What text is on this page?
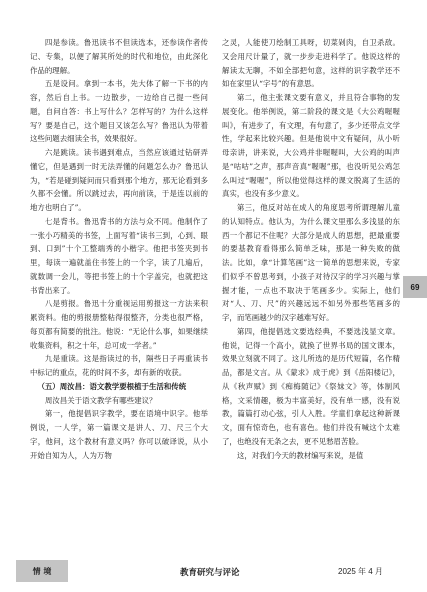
四是参读。鲁迅读书不但读选本，还参读作者传记、专集，以便了解其所处的时代和地位，由此深化作品的理解。

五是设问。拿到一本书，先大体了解一下书的内容，然后自上书。一边散步，一边给自己提一些问题，自问自答：书上写什么？怎样写的？为什么这样写？要是自己，这个题目又该怎么写？鲁迅认为带着这些问题去细读全书，效果很好。

六是跳读。读书遇到难点，当然应该通过钻研弄懂它，但是遇到一时无法弄懂的问题怎么办？鲁迅认为，“若是碰到疑问而只看到那个地方，那无论看到多久都不会懂。所以跳过去，再向前读，于是连以前的地方也明白了”。

七是背书。鲁迅背书的方法与众不同。他制作了一张小巧精美的书签，上面写着“读书三到，心到、眼到、口到”十个工整端秀的小楷字。他把书签夹到书里，每读一遍就盖住书签上的一个字，读了几遍后，就数调一会儿，等把书签上的十个字盖完，也就把这书背出来了。

八是剪报。鲁迅十分重视运用剪报这一方法来积累资料。他的剪报册整粘得很整齐，分类也很严格，每页都有简要的批注。他说：“无论什么事，如果继续收集资料，积之十年，总可成一学者。”

九是重读。这是指读过的书，隔些日子再重读书中标记的重点，花的时间不多，却有新的收获。

（五）周汝昌：语文教学要根植于生活和传统

周汝昌关于语文教学有哪些建议？

第一，他提倡识字教学，要在语境中识字。他举例说，一人学，第一篇课文是讲人、刀、尺三个大字，他问，这个教材有意义吗？你可以破译说，从小开始自知为人，人为万物

之灵，人能使刀绘制工具呀，切菜剁肉，自卫杀敌。又会用尺计量了，就一步步走进科学了。他说这样的解读太无聊，不如全部把句意，这样的识字教学还不如在家里认“字号”的有意思。

第二，他主张课文要有意义，并且符合事物的发展变化。他举例说，第二阶段的课文是《大公鸡喔喔叫》，有进步了，有文理，有句意了，多少还带点文学性，学起来比较兴趣。但是他说中文有疑问，从小听母亲讲，讲来说，大公鸡并非喔喔叫，大公鸡的叫声是“咕咕”之声，那声音真“喔喔”那，也没听见公鸡怎么叫过“喔喔”，所以他觉得这样的课文脱离了生活的真实，也没有多少意义。

第三，他反对站在成人的角度思考所谓理解儿童的认知特点。他认为，为什么课文里那么多浅显的东西一个都记不住呢？大部分是成人的思想，把最重要的要基教育看得那么简单乏味，那是一种失败的做法。比如，拿“计算笔画”这一简单的思想来说，专家们似乎不曾思考到，小孩子对待汉字的学习兴趣与掌握才能，一点也不取决于笔画多少。实际上，他们对“人、刀、尺”的兴趣远远不如另外那些笔画多的字，而笔画越少的汉字越难写好。

第四，他提倡选文要选经典，不要选浅显文章。他说，记得一个高小，就换了世界书局的国文课本，效果立刻就不同了。这儿所选的是历代短篇，名作精品，都是文言。从《蒙求》成于虎》到《岳阳楼记》，从《秋声赋》到《痴梅随记》《祭妹文》等，体制风格，文采情趣，极为丰富美好，没有单一感，没有说教，篇篇打动心弦，引人入胜。学童们拿起这种新课文，面有惊奇色，也有喜色。他们并没有喊这个太难了，也绝没有无条之去，更不见愁眉苦脸。

这，对我们今天的教材编写来说，是值

69
情 境	教育研究与评论	2025 年 4 月
